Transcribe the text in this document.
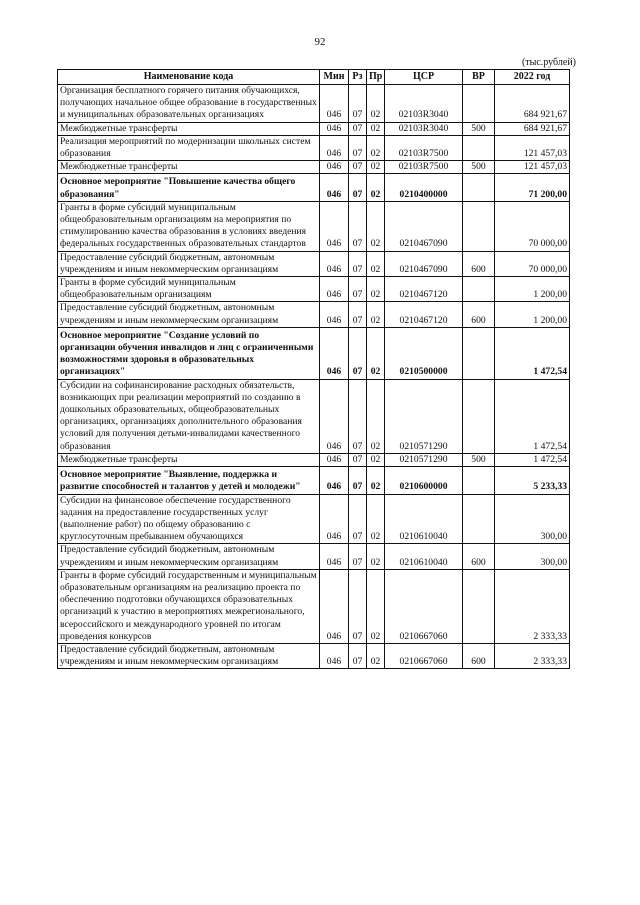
92
(тыс.рублей)
Наименование кода	Мин	Рз	Пр	ЦСР	ВР	2022 год
Организация бесплатного горячего питания обучающихся, получающих начальное общее образование в государственных и муниципальных образовательных организациях	046	07	02	02103R3040		684 921,67
Межбюджетные трансферты	046	07	02	02103R3040	500	684 921,67
Реализация мероприятий по модернизации школьных систем образования	046	07	02	02103R7500		121 457,03
Межбюджетные трансферты	046	07	02	02103R7500	500	121 457,03
Основное мероприятие "Повышение качества общего образования"	046	07	02	0210400000		71 200,00
Гранты в форме субсидий муниципальным общеобразовательным организациям на мероприятия по стимулированию качества образования в условиях введения федеральных государственных образовательных стандартов	046	07	02	0210467090		70 000,00
Предоставление субсидий бюджетным, автономным учреждениям и иным некоммерческим организациям	046	07	02	0210467090	600	70 000,00
Гранты в форме субсидий муниципальным общеобразовательным организациям	046	07	02	0210467120		1 200,00
Предоставление субсидий бюджетным, автономным учреждениям и иным некоммерческим организациям	046	07	02	0210467120	600	1 200,00
Основное мероприятие "Создание условий по организации обучения инвалидов и лиц с ограниченными возможностями здоровья в образовательных организациях"	046	07	02	0210500000		1 472,54
Субсидии на софинансирование расходных обязательств, возникающих при реализации мероприятий по созданию в дошкольных образовательных, общеобразовательных организациях, организациях дополнительного образования условий для получения детьми-инвалидами качественного образования	046	07	02	0210571290		1 472,54
Межбюджетные трансферты	046	07	02	0210571290	500	1 472,54
Основное мероприятие "Выявление, поддержка и развитие способностей и талантов у детей и молодежи"	046	07	02	0210600000		5 233,33
Субсидии на финансовое обеспечение государственного задания на предоставление государственных услуг (выполнение работ) по общему образованию с круглосуточным пребыванием обучающихся	046	07	02	0210610040		300,00
Предоставление субсидий бюджетным, автономным учреждениям и иным некоммерческим организациям	046	07	02	0210610040	600	300,00
Гранты в форме субсидий государственным и муниципальным образовательным организациям на реализацию проекта по обеспечению подготовки обучающихся образовательных организаций к участию в мероприятиях межрегионального, всероссийского и международного уровней по итогам проведения конкурсов	046	07	02	0210667060		2 333,33
Предоставление субсидий бюджетным, автономным учреждениям и иным некоммерческим организациям	046	07	02	0210667060	600	2 333,33
